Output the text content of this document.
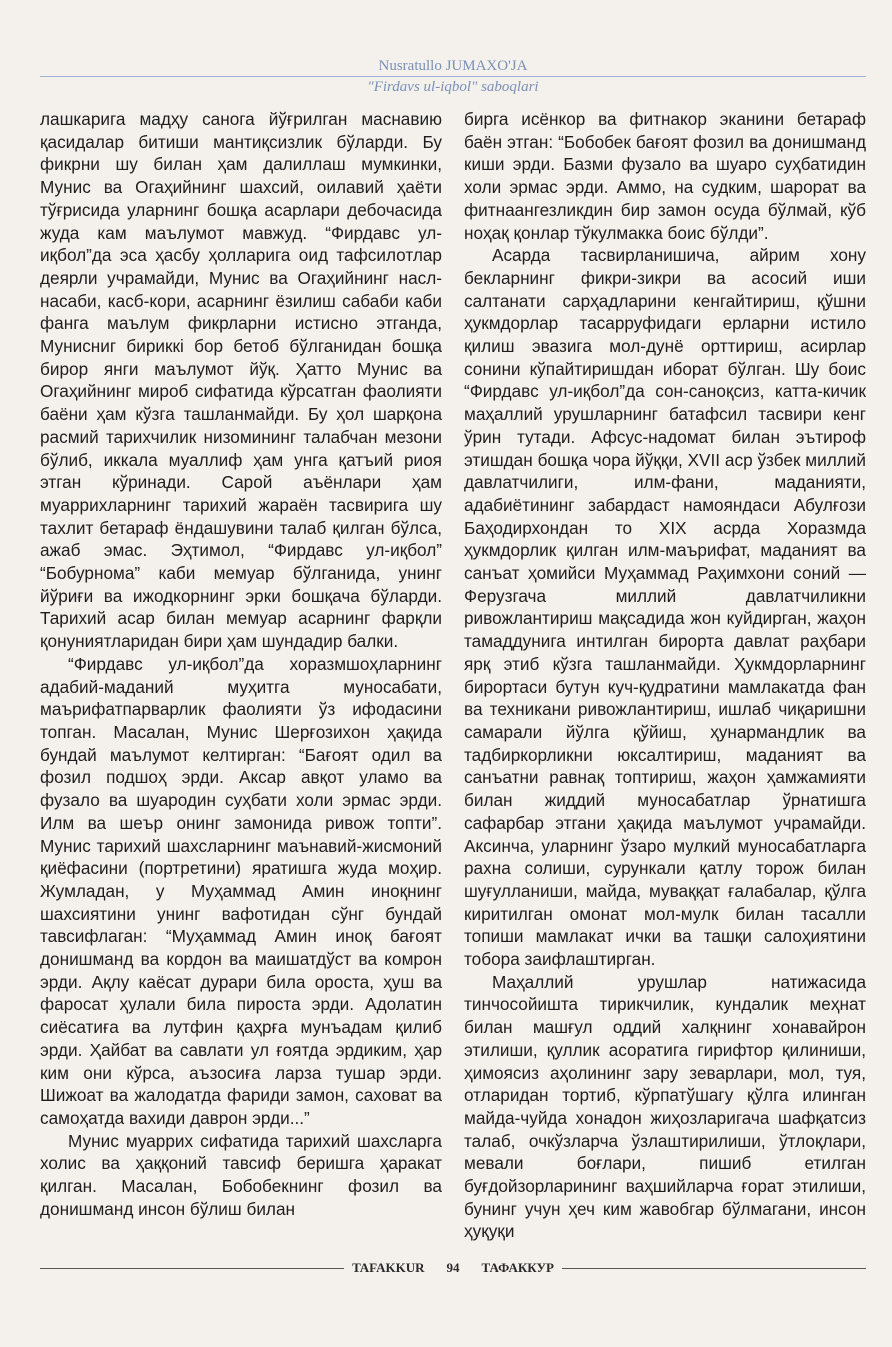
Nusratullo JUMAXO'JA
"Firdavs ul-iqbol" saboqlari

лашкарига мадҳу санога йўғрилган маснавию қасидалар битиши мантиқсизлик бўларди. Бу фикрни шу билан ҳам далиллаш мумкинки, Мунис ва Огаҳийнинг шахсий, оилавий ҳаёти тўғрисида уларнинг бошқа асарлари дебочасида жуда кам маълумот мавжуд. “Фирдавс ул-иқбол”да эса ҳасбу ҳолларига оид тафсилотлар деярли учрамайди, Мунис ва Огаҳийнинг насл-насаби, касб-кори, асарнинг ёзилиш сабаби каби фанга маълум фикрларни истисно этганда, Мунисниг бириккі бор бетоб бўлганидан бошқа бирор янги маълумот йўқ. Ҳатто Мунис ва Огаҳийнинг мироб сифатида кўрсатган фаолияти баёни ҳам кўзга ташланмайди. Бу ҳол шарқона расмий тарихчилик низомининг талабчан мезони бўлиб, иккала муаллиф ҳам унга қатъий риоя этган кўринади. Сарой аъёнлари ҳам муаррихларнинг тарихий жараён тасвирига шу тахлит бетараф ёндашувини талаб қилган бўлса, ажаб эмас. Эҳтимол, “Фирдавс ул-иқбол” “Бобурнома” каби мемуар бўлганида, унинг йўриғи ва ижодкорнинг эрки бошқача бўларди. Тарихий асар билан мемуар асарнинг фарқли қонуниятларидан бири ҳам шундадир балки.

“Фирдавс ул-иқбол”да хоразмшоҳларнинг адабий-маданий муҳитга муносабати, маърифатпарварлик фаолияти ўз ифодасини топган. Масалан, Мунис Шерғозихон ҳақида бундай маълумот келтирган: “Бағоят одил ва фозил подшоҳ эрди. Аксар авқот уламо ва фузало ва шуародин суҳбати холи эрмас эрди. Илм ва шеър онинг замонида ривож топти”. Мунис тарихий шахсларнинг маънавий-жисмоний қиёфасини (портретини) яратишга жуда моҳир. Жумладан, у Муҳаммад Амин иноқнинг шахсиятини унинг вафотидан сўнг бундай тавсифлаган: “Муҳаммад Амин иноқ бағоят донишманд ва кордон ва маишатдўст ва комрон эрди. Ақлу каёсат дурари била ороста, ҳуш ва фаросат ҳулали била пироста эрди. Адолатин сиёсатиға ва лутфин қаҳрға мунъадам қилиб эрди. Ҳайбат ва савлати ул ғоятда эрдиким, ҳар ким они кўрса, аъзосиға ларза тушар эрди. Шижоат ва жалодатда фариди замон, саховат ва самоҳатда вахиди даврон эрди...”

Мунис муаррих сифатида тарихий шахсларга холис ва ҳаққоний тавсиф беришга ҳаракат қилган. Масалан, Бобобекнинг фозил ва донишманд инсон бўлиш билан

бирга исёнкор ва фитнакор эканини бетараф баён этган: “Бобобек бағоят фозил ва донишманд киши эрди. Базми фузало ва шуаро суҳбатидин холи эрмас эрди. Аммо, на судким, шарорат ва фитнаангезликдин бир замон осуда бўлмай, кўб ноҳақ қонлар тўкулмакка боис бўлди”.

Асарда тасвирланишича, айрим хону бекларнинг фикри-зикри ва асосий иши салтанати сарҳадларини кенгайтириш, қўшни ҳукмдорлар тасарруфидаги ерларни истило қилиш эвазига мол-дунё орттириш, асирлар сонини кўпайтиришдан иборат бўлган. Шу боис “Фирдавс ул-иқбол”да сон-саноқсиз, катта-кичик маҳаллий урушларнинг батафсил тасвири кенг ўрин тутади. Афсус-надомат билан эътироф этишдан бошқа чора йўққи, XVII аср ўзбек миллий давлатчилиги, илм-фани, маданияти, адабиётининг забардаст намояндаси Абулғози Баҳодирхондан то XIX асрда Хоразмда ҳукмдорлик қилган илм-маърифат, маданият ва санъат ҳомийси Муҳаммад Раҳимхони соний — Ферузгача миллий давлатчиликни ривожлантириш мақсадида жон куйдирган, жаҳон тамаддунига интилган бирорта давлат раҳбари ярқ этиб кўзга ташланмайди. Ҳукмдорларнинг бирортаси бутун куч-қудратини мамлакатда фан ва техникани ривожлантириш, ишлаб чиқаришни самарали йўлга қўйиш, ҳунармандлик ва тадбиркорликни юксалтириш, маданият ва санъатни равнақ топтириш, жаҳон ҳамжамияти билан жиддий муносабатлар ўрнатишга сафарбар этгани ҳақида маълумот учрамайди. Аксинча, уларнинг ўзаро мулкий муносабатларга рахна солиши, сурункали қатлу торож билан шуғулланиши, майда, муваққат ғалабалар, қўлга киритилган омонат мол-мулк билан тасалли топиши мамлакат ички ва ташқи салоҳиятини тобора заифлаштирган.

Маҳаллий урушлар натижасида тинчосойишта тирикчилик, кундалик меҳнат билан машғул оддий халқнинг хонавайрон этилиши, қуллик асоратига гирифтор қилиниши, ҳимоясиз аҳолининг зару зеварлари, мол, туя, отларидан тортиб, кўрпатўшагу қўлга илинган майда-чуйда хонадон жиҳозларигача шафқатсиз талаб, очкўзларча ўзлаштирилиши, ўтлоқлари, мевали боғлари, пишиб етилган буғдойзорларининг ваҳшийларча ғорат этилиши, бунинг учун ҳеч ким жавобгар бўлмагани, инсон ҳуқуқи

TAFAKKUR	94	ТАФАККУР
